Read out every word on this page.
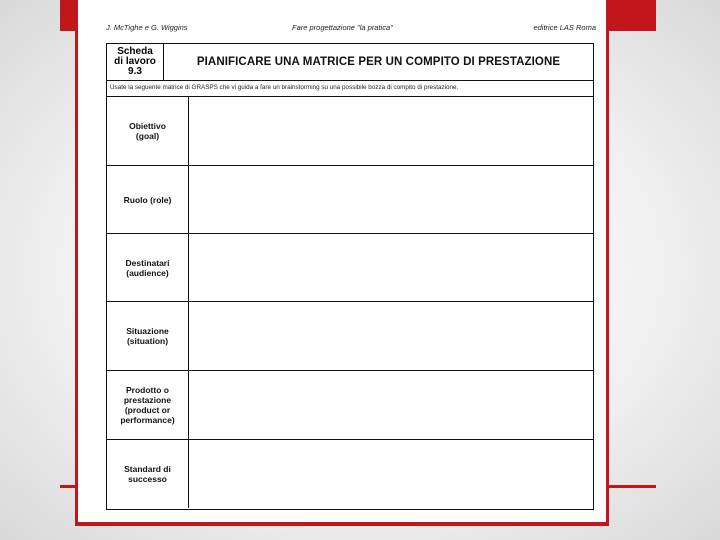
J. McTighe e G. Wiggins	Fare progettazione "la pratica"	editrice LAS Roma
Scheda
di lavoro
9.3
PIANIFICARE UNA MATRICE PER UN COMPITO DI PRESTAZIONE
Usate la seguente matrice di GRASPS che vi guida a fare un brainstorming su una possibile bozza di compito di prestazione.
Obiettivo
(goal)
Ruolo (role)
Destinatari
(audience)
Situazione
(situation)
Prodotto o
prestazione
(product or
performance)
Standard di
successo
